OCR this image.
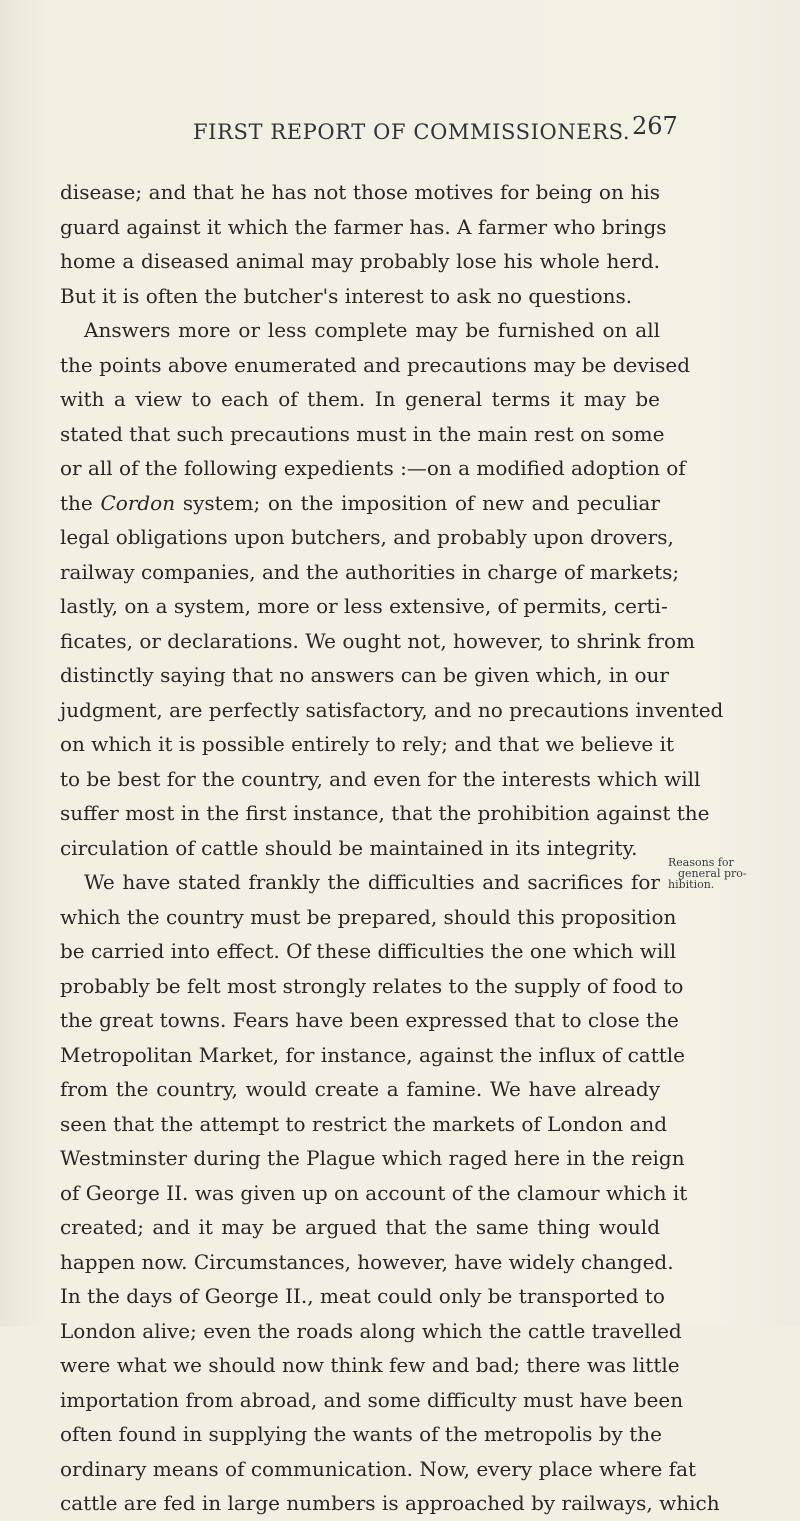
FIRST REPORT OF COMMISSIONERS. 267
disease; and that he has not those motives for being on his
guard against it which the farmer has. A farmer who brings
home a diseased animal may probably lose his whole herd.
But it is often the butcher's interest to ask no questions.
Answers more or less complete may be furnished on all
the points above enumerated and precautions may be devised
with a view to each of them. In general terms it may be
stated that such precautions must in the main rest on some
or all of the following expedients :—on a modified adoption of
the Cordon system; on the imposition of new and peculiar
legal obligations upon butchers, and probably upon drovers,
railway companies, and the authorities in charge of markets;
lastly, on a system, more or less extensive, of permits, certi-
ficates, or declarations. We ought not, however, to shrink from
distinctly saying that no answers can be given which, in our
judgment, are perfectly satisfactory, and no precautions invented
on which it is possible entirely to rely; and that we believe it
to be best for the country, and even for the interests which will
suffer most in the first instance, that the prohibition against the
circulation of cattle should be maintained in its integrity.
We have stated frankly the difficulties and sacrifices for
which the country must be prepared, should this proposition
be carried into effect. Of these difficulties the one which will
probably be felt most strongly relates to the supply of food to
the great towns. Fears have been expressed that to close the
Metropolitan Market, for instance, against the influx of cattle
from the country, would create a famine. We have already
seen that the attempt to restrict the markets of London and
Westminster during the Plague which raged here in the reign
of George II. was given up on account of the clamour which it
created; and it may be argued that the same thing would
happen now. Circumstances, however, have widely changed.
In the days of George II., meat could only be transported to
London alive; even the roads along which the cattle travelled
were what we should now think few and bad; there was little
importation from abroad, and some difficulty must have been
often found in supplying the wants of the metropolis by the
ordinary means of communication. Now, every place where fat
cattle are fed in large numbers is approached by railways, which
Reasons for
general pro-
hibition.
